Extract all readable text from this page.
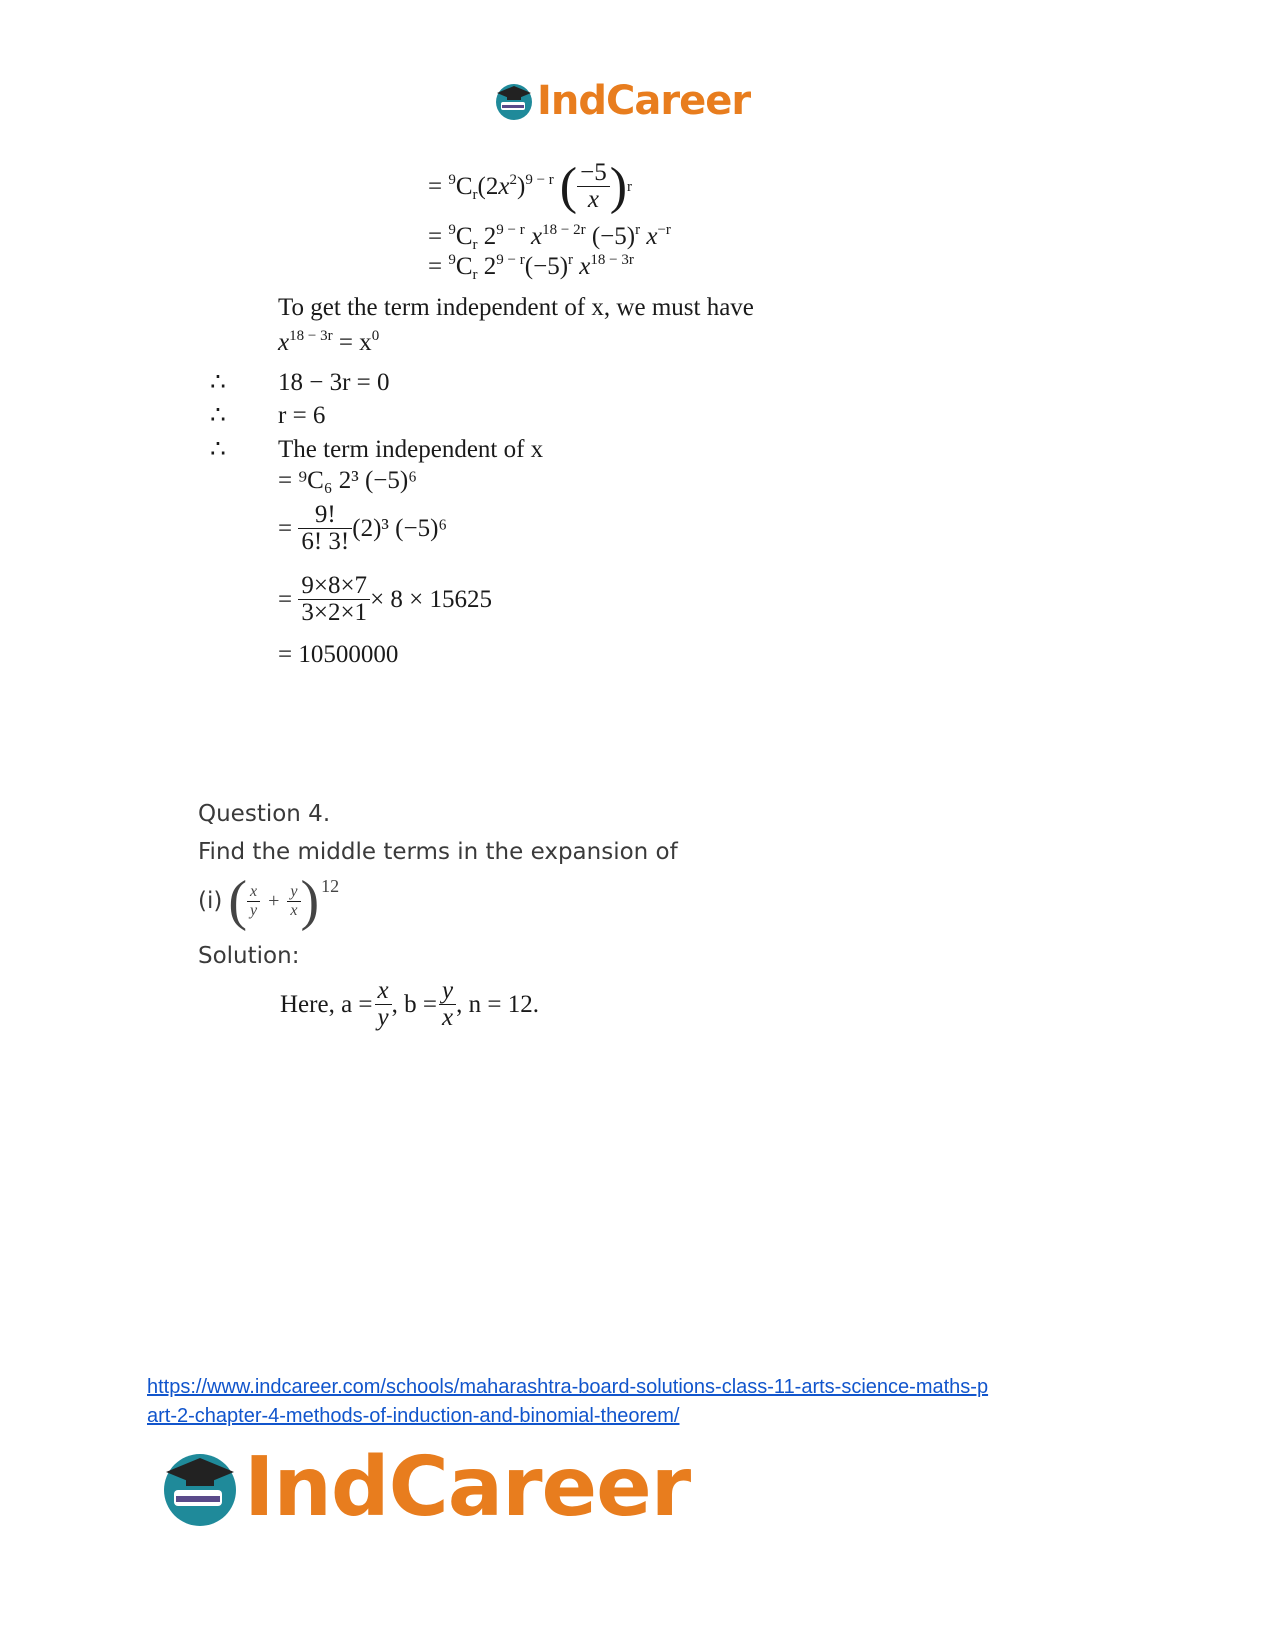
IndCareer
= $^9C_r(2x^2)^{9 - r}$ ( $\frac{-5}{x}$ ) r
= $^9C_r$ $2^{9 - r}$ $x^{18 - 2r}$ $(-5)^r$ $x^{-r}$
= $^9C_r$ $2^{9 - r}(-5)^r$ $x^{18 - 3r}$
To get the term independent of x, we must have
$x^{18 - 3r} = x^0$
∴ 18 − 3r = 0
∴ r = 6
∴ The term independent of x
= ⁹C₆ 2³ (−5)⁶
= $\frac{9!}{6! 3!} (2)^3$ (−5)⁶
= $\frac{9\times 8\times 7}{3\times 2\times 1} \times 8 \times 15625$
= 10500000
Question 4.
Find the middle terms in the expansion of
(i) ( $\frac{x}{y} + \frac{y}{x}$ ) 12
Solution:
Here, $a = \frac{x}{y}$ , $b = \frac{y}{x}$ , n = 12.
https://www.indcareer.com/schools/maharashtra-board-solutions-class-11-arts-science-maths-p
art-2-chapter-4-methods-of-induction-and-binomial-theorem/
IndCareer
